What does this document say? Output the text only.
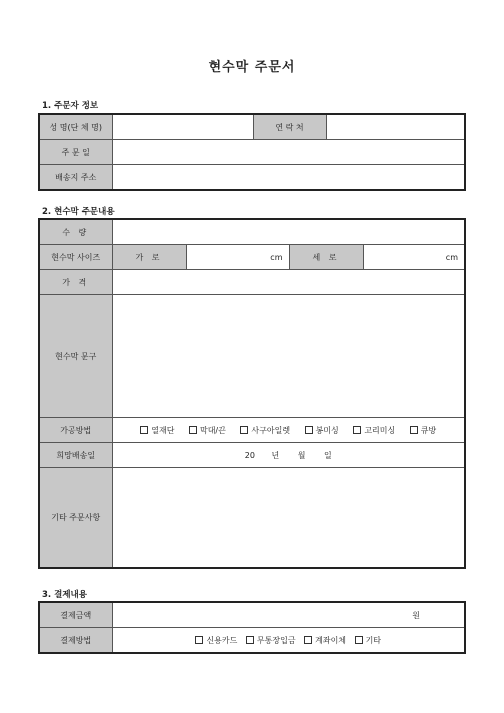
현수막 주문서
1. 주문자 정보
성 명(단 체 명)		연 락 처	
주 문 일			
배송지 주소			
2. 현수막 주문내용
수 량				
현수막 사이즈	가 로	cm	세 로	cm
가 격				
현수막 문구				
가공방법	열재단 막대/끈 사구아일렛 봉미싱 고리미싱 큐방			
희망배송일	20 년 월 일			
기타 주문사항				
3. 결제내용
결제금액	원
결제방법	신용카드 무통장입금 계좌이체 기타
